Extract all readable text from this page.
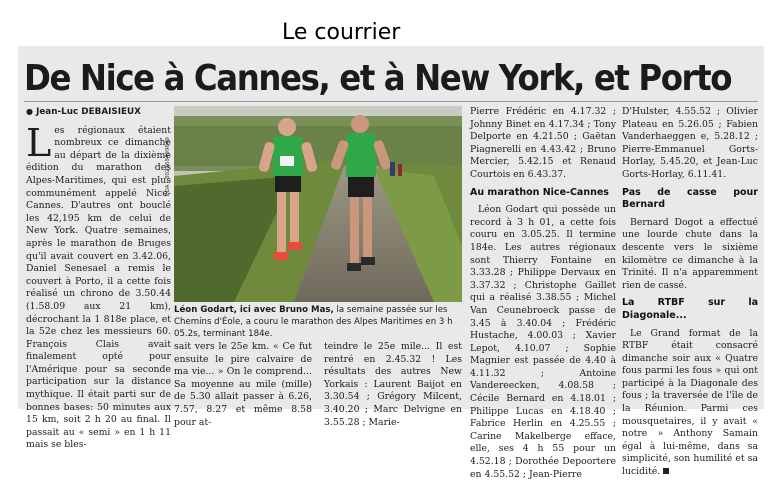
Le courrier
De Nice à Cannes, et à New York, et Porto
● Jean-Luc DEBAISIEUX

Les régionaux étaient nombreux ce dimanche au départ de la dixième édition du marathon des Alpes-Maritimes, qui est plus communément appelé Nice-Cannes. D'autres ont bouclé les 42,195 km de celui de New York. Quatre semaines, après le marathon de Bruges qu'il avait couvert en 3.42.06, Daniel Senesael a remis le couvert à Porto, il a cette fois réalisé un chrono de 3.50.44 (1.58.09 aux 21 km), décrochant la 1 818e place, et la 52e chez les messieurs 60. François Clais avait finalement opté pour l'Amérique pour sa seconde participation sur la distance mythique. Il était parti sur de bonnes bases: 50 minutes aux 15 km, soit 2 h 20 au final. Il passait au « semi » en 1 h 11 mais se bles-

EDA - 302369499649
Léon Godart, ici avec Bruno Mas, la semaine passée sur les Chemins d'Éole, a couru le marathon des Alpes Maritimes en 3 h 05.2s, terminant 184e.
sait vers le 25e km. « Ce fut ensuite le pire calvaire de ma vie... » On le comprend... Sa moyenne au mile (mille) de 5.30 allait passer à 6.26, 7.57, 8.27 et même 8.58 pour at-
teindre le 25e mile... Il est rentré en 2.45.32 ! Les résultats des autres New Yorkais : Laurent Baijot en 3.30.54 ; Grégory Milcent, 3.40.20 ; Marc Delvigne en 3.55.28 ; Marie-

Pierre Frédéric en 4.17.32 ; Johnny Binet en 4.17.34 ; Tony Delporte en 4.21.50 ; Gaëtan Piagnerelli en 4.43.42 ; Bruno Mercier, 5.42.15 et Renaud Courtois en 6.43.37.

Au marathon Nice-Cannes

Léon Godart qui possède un record à 3 h 01, a cette fois couru en 3.05.25. Il termine 184e. Les autres régionaux sont Thierry Fontaine en 3.33.28 ; Philippe Dervaux en 3.37.32 ; Christophe Gaillet qui a réalisé 3.38.55 ; Michel Van Ceunebroeck passe de 3.45 à 3.40.04 ; Frédéric Hustache, 4.00.03 ; Xavier Lepot, 4.10.07 ; Sophie Magnier est passée de 4.40 à 4.11.32 ; Antoine Vandereecken, 4.08.58 ; Cécile Bernard en 4.18.01 ; Philippe Lucas en 4.18.40 ; Fabrice Herlin en 4.25.55 ; Carine Makelberge efface, elle, ses 4 h 55 pour un 4.52.18 ; Dorothée Depoortere en 4.55.52 ; Jean-Pierre

D'Hulster, 4.55.52 ; Olivier Plateau en 5.26.05 ; Fabien Vanderhaeggen e, 5.28.12 ; Pierre-Emmanuel Gorts-Horlay, 5.45.20, et Jean-Luc Gorts-Horlay, 6.11.41.

Pas de casse pour Bernard

Bernard Dogot a effectué une lourde chute dans la descente vers le sixième kilomètre ce dimanche à la Trinité. Il n'a apparemment rien de cassé.

La RTBF sur la Diagonale...

Le Grand format de la RTBF était consacré dimanche soir aux « Quatre fous parmi les fous » qui ont participé à la Diagonale des fous ; la traversée de l'île de la Réunion. Parmi ces mousquetaires, il y avait « notre » Anthony Samain égal à lui-même, dans sa simplicité, son humilité et sa lucidité.
